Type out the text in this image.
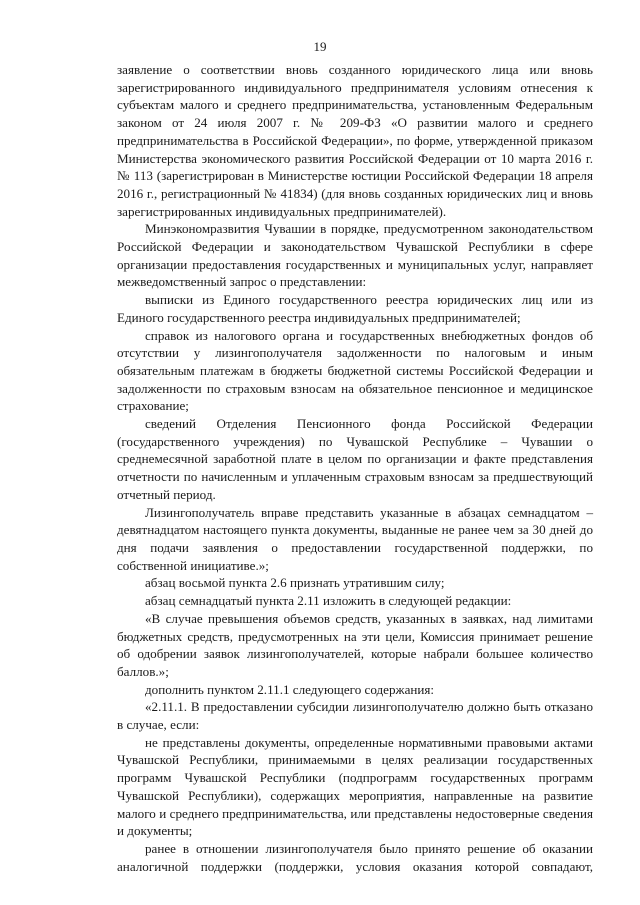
19

заявление о соответствии вновь созданного юридического лица или вновь зарегистрированного индивидуального предпринимателя условиям отнесения к субъектам малого и среднего предпринимательства, установленным Федеральным законом от 24 июля 2007 г. № 209-ФЗ «О развитии малого и среднего предпринимательства в Российской Федерации», по форме, утвержденной приказом Министерства экономического развития Российской Федерации от 10 марта 2016 г. № 113 (зарегистрирован в Министерстве юстиции Российской Федерации 18 апреля 2016 г., регистрационный № 41834) (для вновь созданных юридических лиц и вновь зарегистрированных индивидуальных предпринимателей).

Минэкономразвития Чувашии в порядке, предусмотренном законодательством Российской Федерации и законодательством Чувашской Республики в сфере организации предоставления государственных и муниципальных услуг, направляет межведомственный запрос о представлении:

выписки из Единого государственного реестра юридических лиц или из Единого государственного реестра индивидуальных предпринимателей;

справок из налогового органа и государственных внебюджетных фондов об отсутствии у лизингополучателя задолженности по налоговым и иным обязательным платежам в бюджеты бюджетной системы Российской Федерации и задолженности по страховым взносам на обязательное пенсионное и медицинское страхование;

сведений Отделения Пенсионного фонда Российской Федерации (государственного учреждения) по Чувашской Республике – Чувашии о среднемесячной заработной плате в целом по организации и факте представления отчетности по начисленным и уплаченным страховым взносам за предшествующий отчетный период.

Лизингополучатель вправе представить указанные в абзацах семнадцатом – девятнадцатом настоящего пункта документы, выданные не ранее чем за 30 дней до дня подачи заявления о предоставлении государственной поддержки, по собственной инициативе.»;

абзац восьмой пункта 2.6 признать утратившим силу;

абзац семнадцатый пункта 2.11 изложить в следующей редакции:

«В случае превышения объемов средств, указанных в заявках, над лимитами бюджетных средств, предусмотренных на эти цели, Комиссия принимает решение об одобрении заявок лизингополучателей, которые набрали большее количество баллов.»;

дополнить пунктом 2.11.1 следующего содержания:

«2.11.1. В предоставлении субсидии лизингополучателю должно быть отказано в случае, если:

не представлены документы, определенные нормативными правовыми актами Чувашской Республики, принимаемыми в целях реализации государственных программ Чувашской Республики (подпрограмм государственных программ Чувашской Республики), содержащих мероприятия, направленные на развитие малого и среднего предпринимательства, или представлены недостоверные сведения и документы;

ранее в отношении лизингополучателя было принято решение об оказании аналогичной поддержки (поддержки, условия оказания которой совпадают,
